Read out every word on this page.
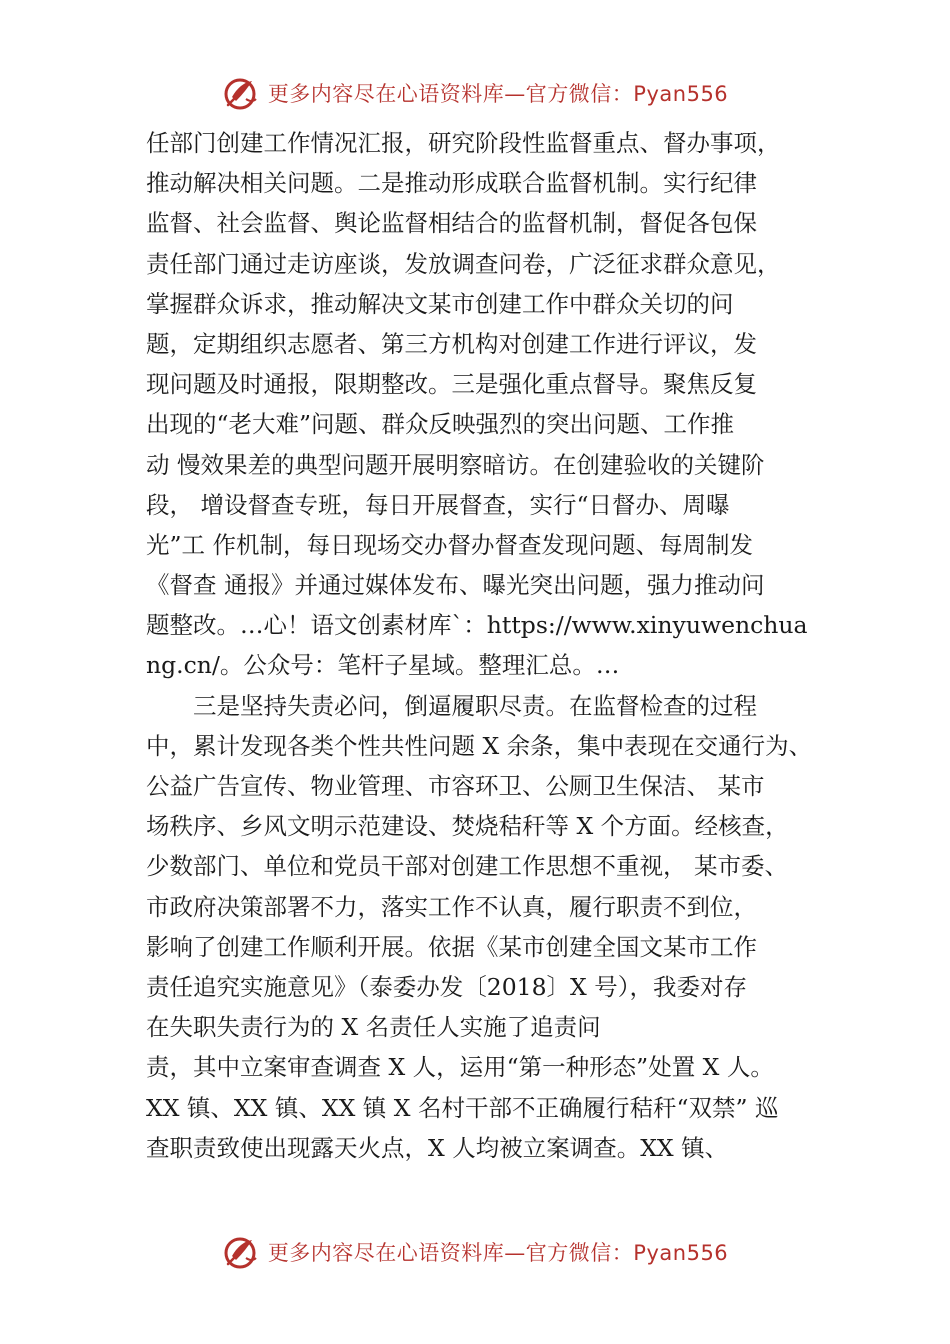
更多内容尽在心语资料库—官方微信：Pyan556
任部门创建工作情况汇报，研究阶段性监督重点、督办事项，
推动解决相关问题。二是推动形成联合监督机制。实行纪律
监督、社会监督、舆论监督相结合的监督机制，督促各包保
责任部门通过走访座谈，发放调查问卷，广泛征求群众意见，
掌握群众诉求，推动解决文某市创建工作中群众关切的问
题，定期组织志愿者、第三方机构对创建工作进行评议，发
现问题及时通报，限期整改。三是强化重点督导。聚焦反复
出现的“老大难”问题、群众反映强烈的突出问题、工作推
动 慢效果差的典型问题开展明察暗访。在创建验收的关键阶
段， 增设督查专班，每日开展督查，实行“日督办、周曝
光”工 作机制，每日现场交办督办督查发现问题、每周制发
《督查 通报》并通过媒体发布、曝光突出问题，强力推动问
题整改。…心！语文创素材库`：https://www.xinyuwenchua
ng.cn/。公众号：笔杆子星域。整理汇总。…
三是坚持失责必问，倒逼履职尽责。在监督检查的过程
中，累计发现各类个性共性问题 X 余条，集中表现在交通行为、
公益广告宣传、物业管理、市容环卫、公厕卫生保洁、 某市
场秩序、乡风文明示范建设、焚烧秸秆等 X 个方面。经核查，
少数部门、单位和党员干部对创建工作思想不重视， 某市委、
市政府决策部署不力，落实工作不认真，履行职责不到位，
影响了创建工作顺利开展。依据《某市创建全国文某市工作
责任追究实施意见》（泰委办发〔2018〕X 号），我委对存
在失职失责行为的 X 名责任人实施了追责问
责，其中立案审查调查 X 人，运用“第一种形态”处置 X 人。
XX 镇、XX 镇、XX 镇 X 名村干部不正确履行秸秆“双禁” 巡
查职责致使出现露天火点，X 人均被立案调查。XX 镇、
更多内容尽在心语资料库—官方微信：Pyan556
